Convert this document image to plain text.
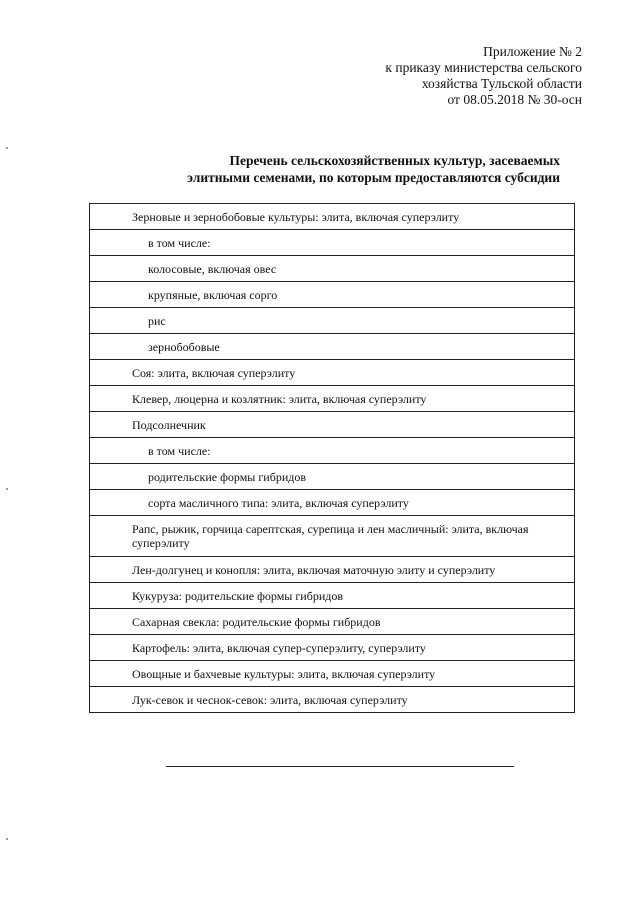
Приложение № 2
к приказу министерства сельского
хозяйства Тульской области
от 08.05.2018 № 30-осн
Перечень сельскохозяйственных культур, засеваемых
элитными семенами, по которым предоставляются субсидии
Зерновые и зернобобовые культуры: элита, включая суперэлиту
в том числе:
колосовые, включая овес
крупяные, включая сорго
рис
зернобобовые
Соя: элита, включая суперэлиту
Клевер, люцерна и козлятник: элита, включая суперэлиту
Подсолнечник
в том числе:
родительские формы гибридов
сорта масличного типа: элита, включая суперэлиту
Рапс, рыжик, горчица сарептская, сурепица и лен масличный: элита, включая суперэлиту
Лен-долгунец и конопля: элита, включая маточную элиту и суперэлиту
Кукуруза: родительские формы гибридов
Сахарная свекла: родительские формы гибридов
Картофель: элита, включая супер-суперэлиту, суперэлиту
Овощные и бахчевые культуры: элита, включая суперэлиту
Лук-севок и чеснок-севок: элита, включая суперэлиту
